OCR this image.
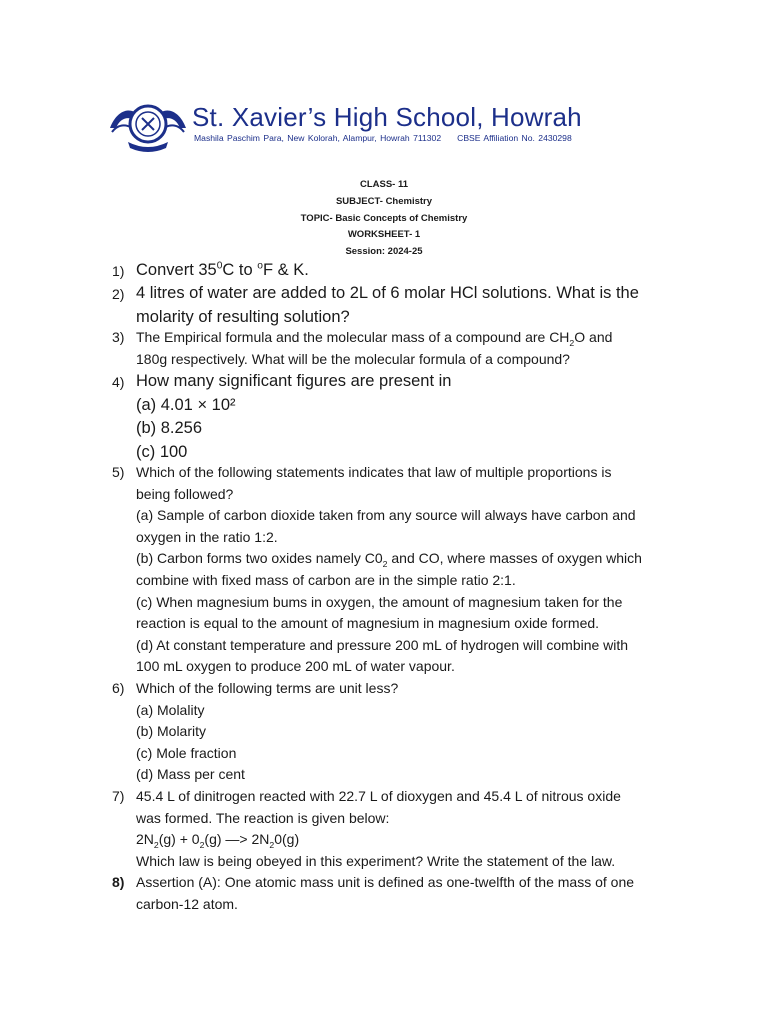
St. Xavier’s High School, Howrah
Mashila Paschim Para, New Kolorah, Alampur, Howrah 711302 CBSE Affiliation No. 2430298
CLASS- 11
SUBJECT- Chemistry
TOPIC- Basic Concepts of Chemistry
WORKSHEET- 1
Session: 2024-25
1) Convert $35^0C$ to $^o$F & K.
2) 4 litres of water are added to 2L of 6 molar HCl solutions. What is the
molarity of resulting solution?
3) The Empirical formula and the molecular mass of a compound are $CH_2O$ and
180g respectively. What will be the molecular formula of a compound?
4) How many significant figures are present in
(a) 4.01 × 10²
(b) 8.256
(c) 100
5) Which of the following statements indicates that law of multiple proportions is
being followed?
(a) Sample of carbon dioxide taken from any source will always have carbon and
oxygen in the ratio 1:2.
(b) Carbon forms two oxides namely $C0_2$ and CO, where masses of oxygen which
combine with fixed mass of carbon are in the simple ratio 2:1.
(c) When magnesium bums in oxygen, the amount of magnesium taken for the
reaction is equal to the amount of magnesium in magnesium oxide formed.
(d) At constant temperature and pressure 200 mL of hydrogen will combine with
100 mL oxygen to produce 200 mL of water vapour.
6) Which of the following terms are unit less?
(a) Molality
(b) Molarity
(c) Mole fraction
(d) Mass per cent
7) 45.4 L of dinitrogen reacted with 22.7 L of dioxygen and 45.4 L of nitrous oxide
was formed. The reaction is given below:
$2N_2(g) + 0_2(g)$ —> $2N_20(g)$
Which law is being obeyed in this experiment? Write the statement of the law.
8) Assertion (A): One atomic mass unit is defined as one-twelfth of the mass of one
carbon-12 atom.
